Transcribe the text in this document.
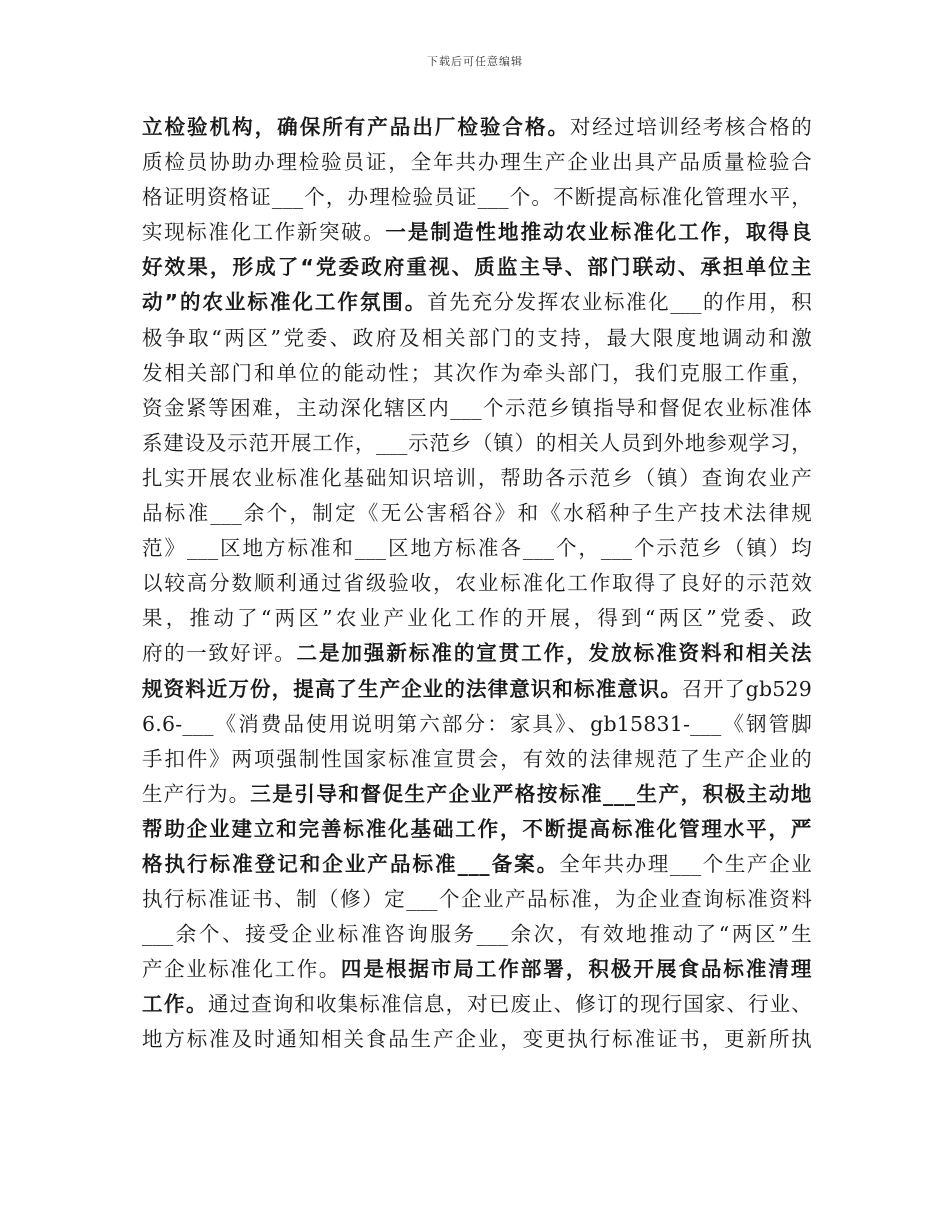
下载后可任意编辑
立检验机构，确保所有产品出厂检验合格。对经过培训经考核合格的
质检员协助办理检验员证，全年共办理生产企业出具产品质量检验合
格证明资格证___个，办理检验员证___个。不断提高标准化管理水平，
实现标准化工作新突破。一是制造性地推动农业标准化工作，取得良
好效果，形成了“党委政府重视、质监主导、部门联动、承担单位主
动”的农业标准化工作氛围。首先充分发挥农业标准化___的作用，积
极争取“两区”党委、政府及相关部门的支持，最大限度地调动和激
发相关部门和单位的能动性；其次作为牵头部门，我们克服工作重，
资金紧等困难，主动深化辖区内___个示范乡镇指导和督促农业标准体
系建设及示范开展工作，___示范乡（镇）的相关人员到外地参观学习，
扎实开展农业标准化基础知识培训，帮助各示范乡（镇）查询农业产
品标准___余个，制定《无公害稻谷》和《水稻种子生产技术法律规
范》___区地方标准和___区地方标准各___个，___个示范乡（镇）均
以较高分数顺利通过省级验收，农业标准化工作取得了良好的示范效
果，推动了“两区”农业产业化工作的开展，得到“两区”党委、政
府的一致好评。二是加强新标准的宣贯工作，发放标准资料和相关法
规资料近万份，提高了生产企业的法律意识和标准意识。召开了gb529
6.6-___《消费品使用说明第六部分：家具》、gb15831-___《钢管脚
手扣件》两项强制性国家标准宣贯会，有效的法律规范了生产企业的
生产行为。三是引导和督促生产企业严格按标准___生产，积极主动地
帮助企业建立和完善标准化基础工作，不断提高标准化管理水平，严
格执行标准登记和企业产品标准___备案。全年共办理___个生产企业
执行标准证书、制（修）定___个企业产品标准，为企业查询标准资料
___余个、接受企业标准咨询服务___余次，有效地推动了“两区”生
产企业标准化工作。四是根据市局工作部署，积极开展食品标准清理
工作。通过查询和收集标准信息，对已废止、修订的现行国家、行业、
地方标准及时通知相关食品生产企业，变更执行标准证书，更新所执
